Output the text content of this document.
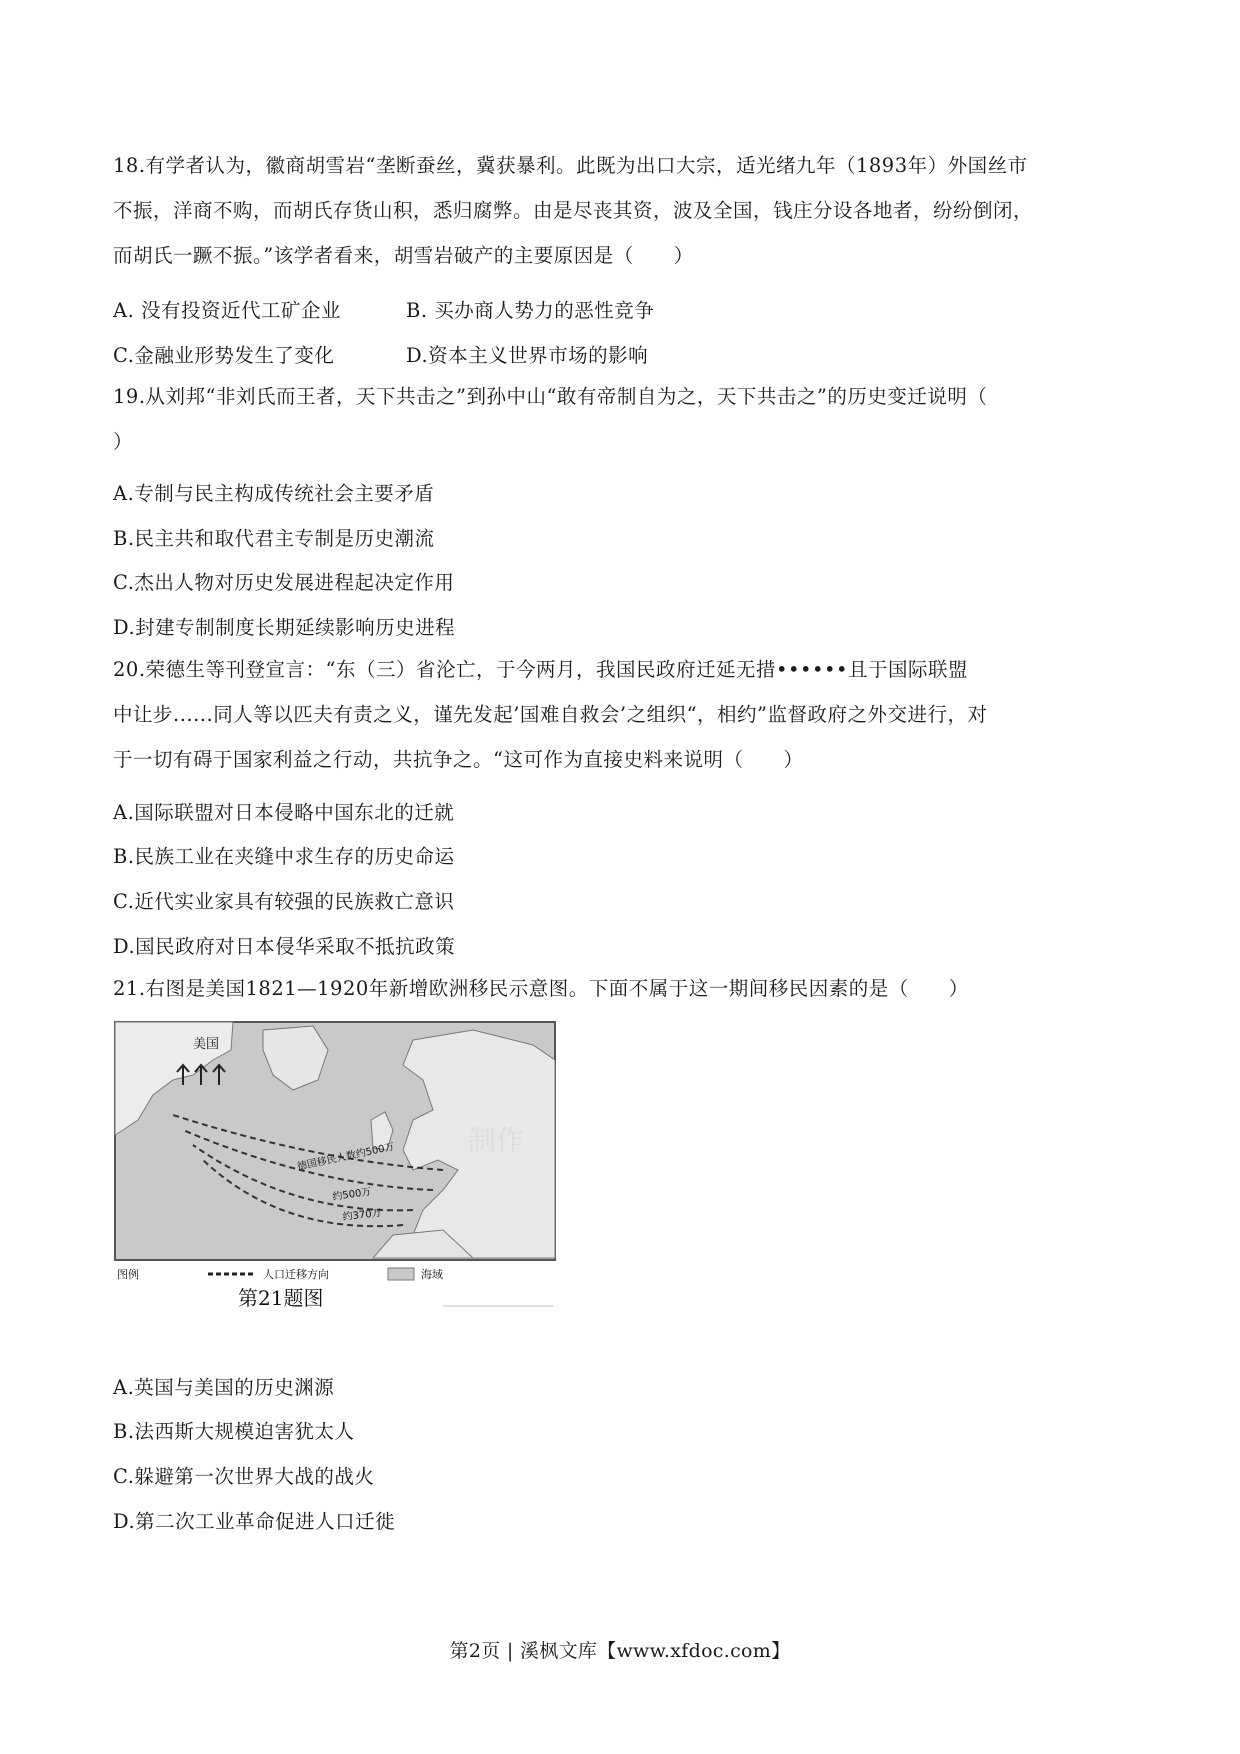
18.有学者认为，徽商胡雪岩“垄断蚕丝，冀获暴利。此既为出口大宗，适光绪九年（1893年）外国丝市
不振，洋商不购，而胡氏存货山积，悉归腐弊。由是尽丧其资，波及全国，钱庄分设各地者，纷纷倒闭，
而胡氏一蹶不振。”该学者看来，胡雪岩破产的主要原因是（　　）
A. 没有投资近代工矿企业	B. 买办商人势力的恶性竞争
C.金融业形势发生了变化	D.资本主义世界市场的影响
19.从刘邦“非刘氏而王者，天下共击之”到孙中山“敢有帝制自为之，天下共击之”的历史变迁说明（
）
A.专制与民主构成传统社会主要矛盾
B.民主共和取代君主专制是历史潮流
C.杰出人物对历史发展进程起决定作用
D.封建专制制度长期延续影响历史进程
20.荣德生等刊登宣言：“东（三）省沦亡，于今两月，我国民政府迁延无措••••••且于国际联盟
中让步......同人等以匹夫有责之义，谨先发起’国难自救会’之组织“，相约”监督政府之外交进行，对
于一切有碍于国家利益之行动，共抗争之。“这可作为直接史料来说明（　　）
A.国际联盟对日本侵略中国东北的迁就
B.民族工业在夹缝中求生存的历史命运
C.近代实业家具有较强的民族救亡意识
D.国民政府对日本侵华采取不抵抗政策
21.右图是美国1821—1920年新增欧洲移民示意图。下面不属于这一期间移民因素的是（　　）
美国
德国移民人数约500万
约500万
约370万
制作
图例	人口迁移方向	海域
第21题图
A.英国与美国的历史渊源
B.法西斯大规模迫害犹太人
C.躲避第一次世界大战的战火
D.第二次工业革命促进人口迁徙
第2页 | 溪枫文库【www.xfdoc.com】
